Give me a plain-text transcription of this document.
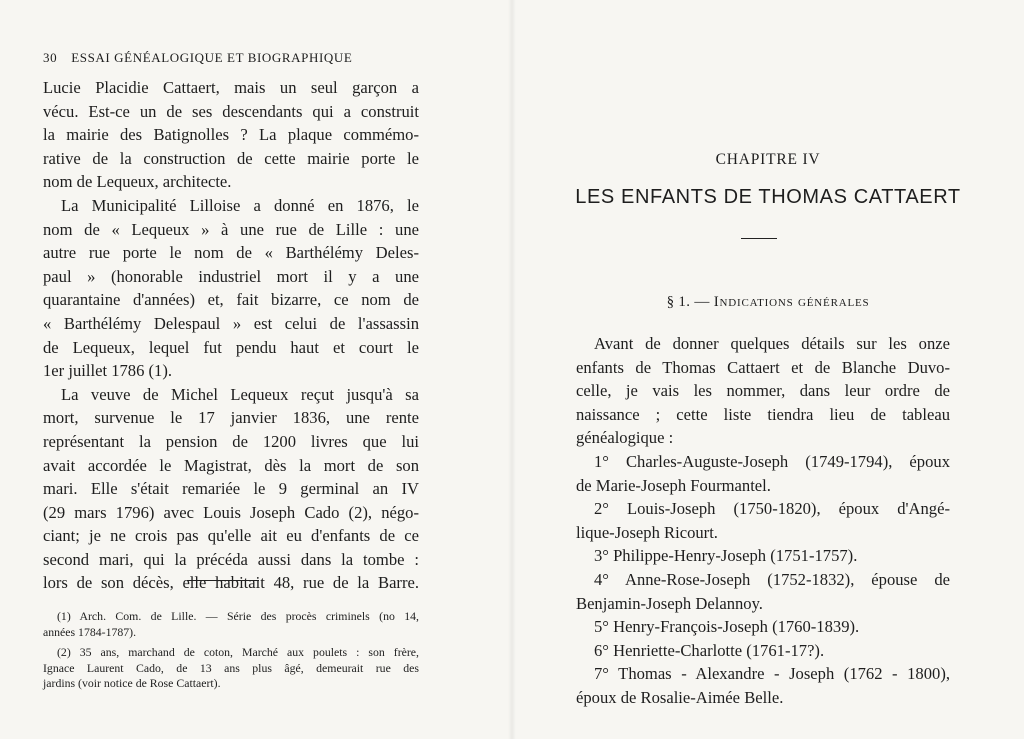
30 ESSAI GÉNÉALOGIQUE ET BIOGRAPHIQUE
Lucie Placidie Cattaert, mais un seul garçon a
vécu. Est-ce un de ses descendants qui a construit
la mairie des Batignolles ? La plaque commémo-
rative de la construction de cette mairie porte le
nom de Lequeux, architecte.
La Municipalité Lilloise a donné en 1876, le
nom de « Lequeux » à une rue de Lille : une
autre rue porte le nom de « Barthélémy Deles-
paul » (honorable industriel mort il y a une
quarantaine d'années) et, fait bizarre, ce nom de
« Barthélémy Delespaul » est celui de l'assassin
de Lequeux, lequel fut pendu haut et court le
1er juillet 1786 (1).
La veuve de Michel Lequeux reçut jusqu'à sa
mort, survenue le 17 janvier 1836, une rente
représentant la pension de 1200 livres que lui
avait accordée le Magistrat, dès la mort de son
mari. Elle s'était remariée le 9 germinal an IV
(29 mars 1796) avec Louis Joseph Cado (2), négo-
ciant; je ne crois pas qu'elle ait eu d'enfants de ce
second mari, qui la précéda aussi dans la tombe :
lors de son décès, elle habitait 48, rue de la Barre.
(1) Arch. Com. de Lille. — Série des procès criminels (no 14,
années 1784-1787).
(2) 35 ans, marchand de coton, Marché aux poulets : son frère,
Ignace Laurent Cado, de 13 ans plus âgé, demeurait rue des
jardins (voir notice de Rose Cattaert).
CHAPITRE IV
LES ENFANTS DE THOMAS CATTAERT
§ 1. — Indications générales
Avant de donner quelques détails sur les onze
enfants de Thomas Cattaert et de Blanche Duvo-
celle, je vais les nommer, dans leur ordre de
naissance ; cette liste tiendra lieu de tableau
généalogique :
1° Charles-Auguste-Joseph (1749-1794), époux
de Marie-Joseph Fourmantel.
2° Louis-Joseph (1750-1820), époux d'Angé-
lique-Joseph Ricourt.
3° Philippe-Henry-Joseph (1751-1757).
4° Anne-Rose-Joseph (1752-1832), épouse de
Benjamin-Joseph Delannoy.
5° Henry-François-Joseph (1760-1839).
6° Henriette-Charlotte (1761-17?).
7° Thomas - Alexandre - Joseph (1762 - 1800),
époux de Rosalie-Aimée Belle.
